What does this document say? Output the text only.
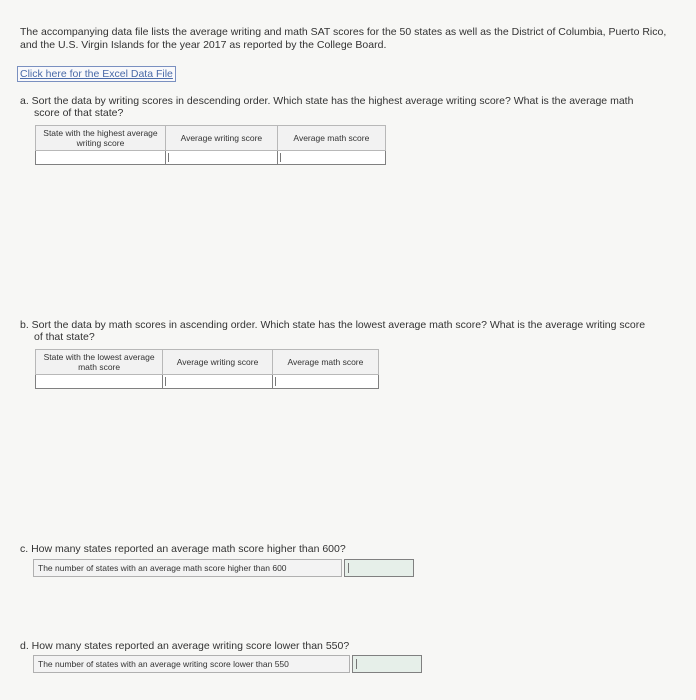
The accompanying data file lists the average writing and math SAT scores for the 50 states as well as the District of Columbia, Puerto Rico, and the U.S. Virgin Islands for the year 2017 as reported by the College Board.
Click here for the Excel Data File
a. Sort the data by writing scores in descending order. Which state has the highest average writing score? What is the average math
score of that state?
State with the highest average writing score	Average writing score	Average math score

b. Sort the data by math scores in ascending order. Which state has the lowest average math score? What is the average writing score
of that state?
State with the lowest average math score	Average writing score	Average math score

c. How many states reported an average math score higher than 600?
The number of states with an average math score higher than 600
d. How many states reported an average writing score lower than 550?
The number of states with an average writing score lower than 550
